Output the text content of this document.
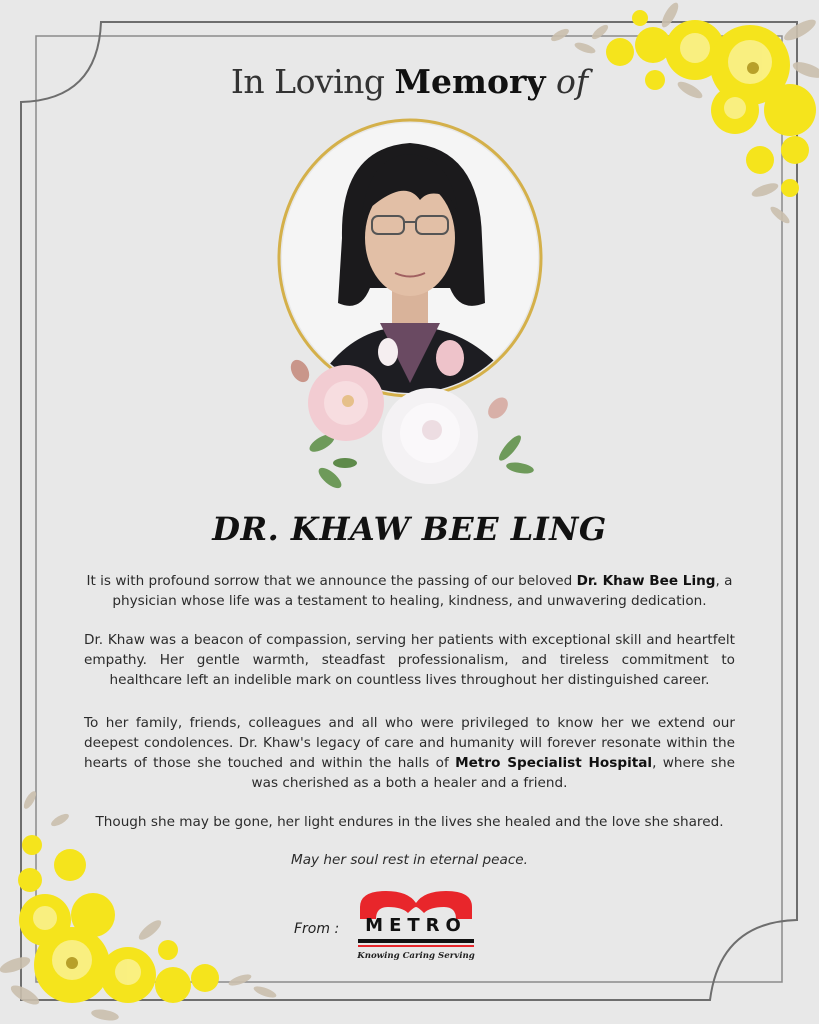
In Loving Memory of
DR. KHAW BEE LING
It is with profound sorrow that we announce the passing of our beloved Dr. Khaw Bee Ling, a physician whose life was a testament to healing, kindness, and unwavering dedication.
Dr. Khaw was a beacon of compassion, serving her patients with exceptional skill and heartfelt empathy. Her gentle warmth, steadfast professionalism, and tireless commitment to healthcare left an indelible mark on countless lives throughout her distinguished career.
To her family, friends, colleagues and all who were privileged to know her we extend our deepest condolences. Dr. Khaw's legacy of care and humanity will forever resonate within the hearts of those she touched and within the halls of Metro Specialist Hospital, where she was cherished as a both a healer and a friend.
Though she may be gone, her light endures in the lives she healed and the love she shared.
May her soul rest in eternal peace.
From :	METRO
Knowing Caring Serving
